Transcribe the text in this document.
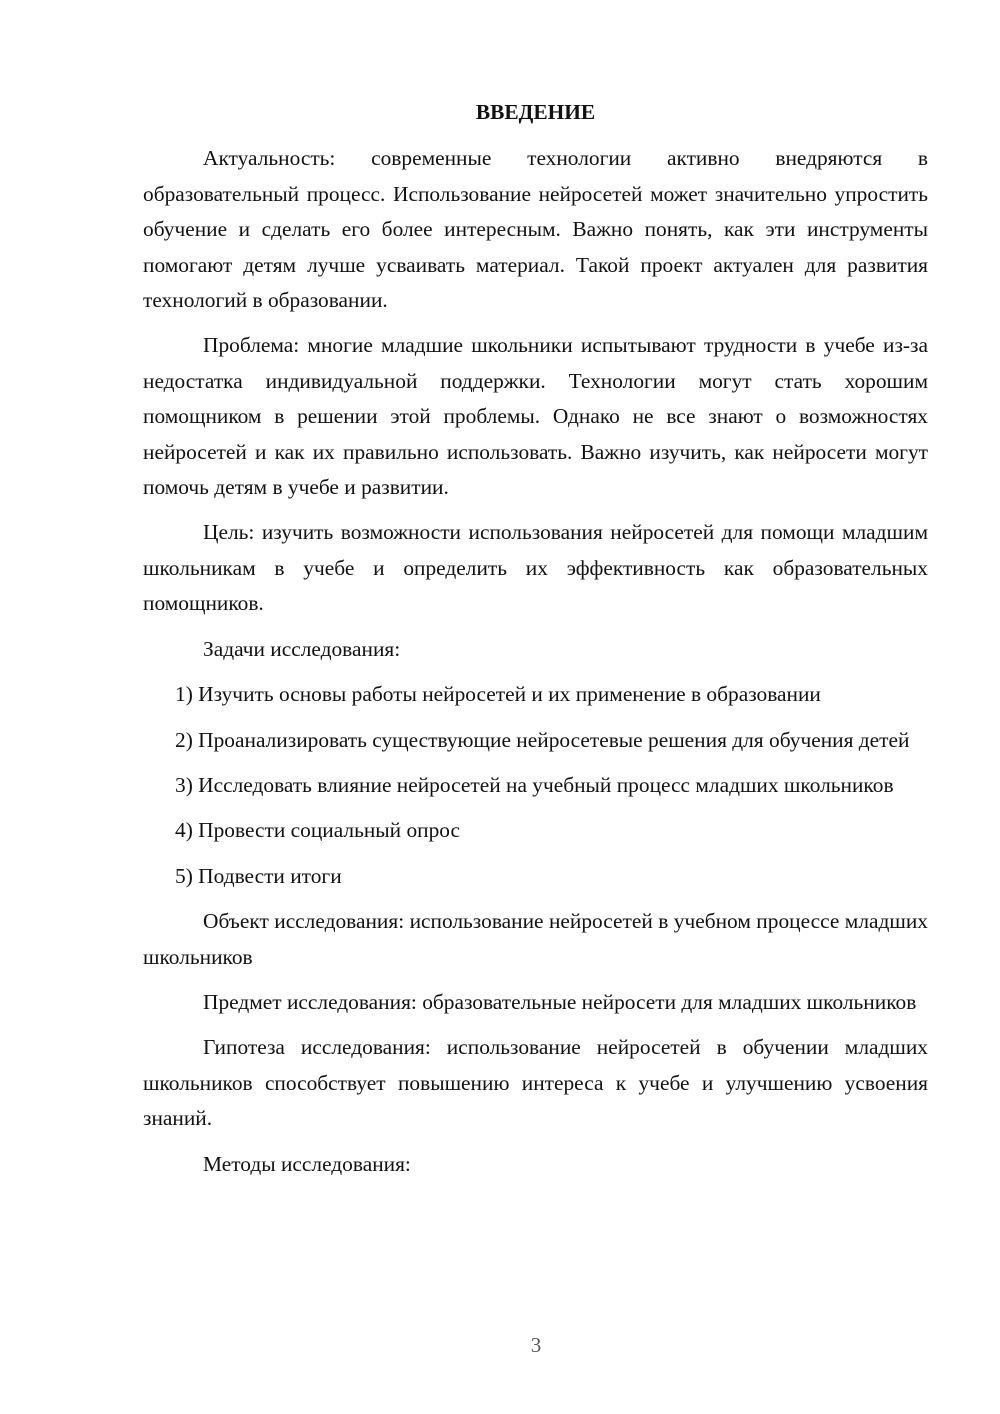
ВВЕДЕНИЕ

Актуальность: современные технологии активно внедряются в образовательный процесс. Использование нейросетей может значительно упростить обучение и сделать его более интересным. Важно понять, как эти инструменты помогают детям лучше усваивать материал. Такой проект актуален для развития технологий в образовании.

Проблема: многие младшие школьники испытывают трудности в учебе из-за недостатка индивидуальной поддержки. Технологии могут стать хорошим помощником в решении этой проблемы. Однако не все знают о возможностях нейросетей и как их правильно использовать. Важно изучить, как нейросети могут помочь детям в учебе и развитии.

Цель: изучить возможности использования нейросетей для помощи младшим школьникам в учебе и определить их эффективность как образовательных помощников.

Задачи исследования:

1) Изучить основы работы нейросетей и их применение в образовании

2) Проанализировать существующие нейросетевые решения для обучения детей

3) Исследовать влияние нейросетей на учебный процесс младших школьников

4) Провести социальный опрос

5) Подвести итоги

Объект исследования: использование нейросетей в учебном процессе младших школьников

Предмет исследования: образовательные нейросети для младших школьников

Гипотеза исследования: использование нейросетей в обучении младших школьников способствует повышению интереса к учебе и улучшению усвоения знаний.

Методы исследования:

3
